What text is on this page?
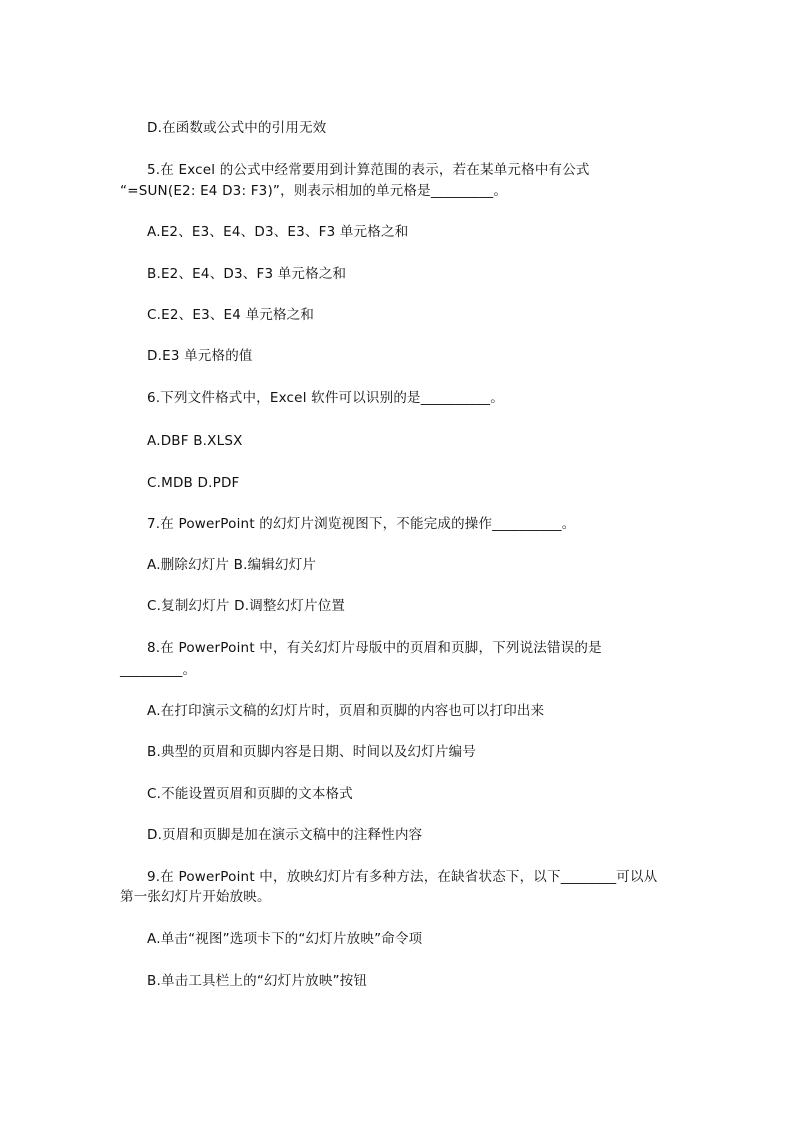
D.在函数或公式中的引用无效
5.在 Excel 的公式中经常要用到计算范围的表示，若在某单元格中有公式
“=SUN(E2: E4 D3: F3)”，则表示相加的单元格是_________。
A.E2、E3、E4、D3、E3、F3 单元格之和
B.E2、E4、D3、F3 单元格之和
C.E2、E3、E4 单元格之和
D.E3 单元格的值
6.下列文件格式中，Excel 软件可以识别的是__________。
A.DBF B.XLSX
C.MDB D.PDF
7.在 PowerPoint 的幻灯片浏览视图下，不能完成的操作__________。
A.删除幻灯片 B.编辑幻灯片
C.复制幻灯片 D.调整幻灯片位置
8.在 PowerPoint 中，有关幻灯片母版中的页眉和页脚，下列说法错误的是
_________。
A.在打印演示文稿的幻灯片时，页眉和页脚的内容也可以打印出来
B.典型的页眉和页脚内容是日期、时间以及幻灯片编号
C.不能设置页眉和页脚的文本格式
D.页眉和页脚是加在演示文稿中的注释性内容
9.在 PowerPoint 中，放映幻灯片有多种方法，在缺省状态下，以下________可以从
第一张幻灯片开始放映。
A.单击“视图”选项卡下的“幻灯片放映”命令项
B.单击工具栏上的“幻灯片放映”按钮
